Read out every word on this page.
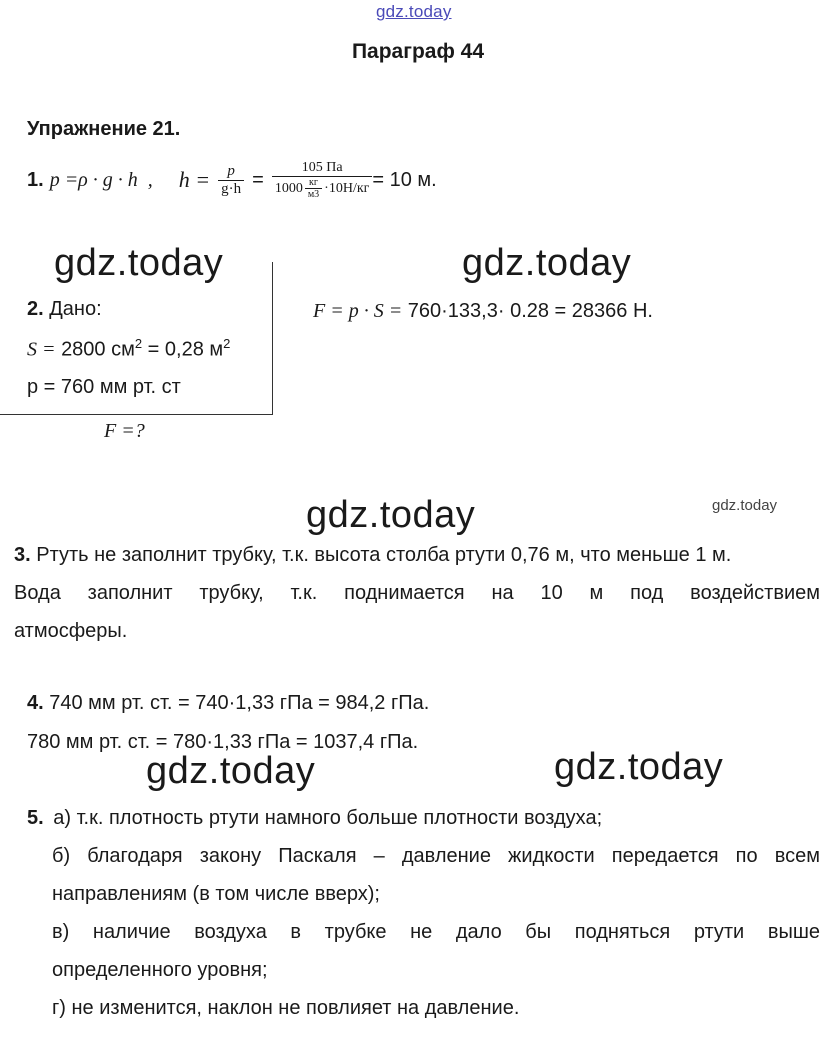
gdz.today
gdz.today	gdz.today
gdz.today	gdz.today
gdz.today	gdz.today
Параграф 44
Упражнение 21.
1. p =ρ · g · h , $h = \frac{p}{g\cdot h} = \frac{105 Па}{1000 \frac{кг}{м3} \cdot 10Н/кг} = 10$ м.
2. Дано:
S = 2800 $см^2 = 0,28$ $м^2$
p = 760 мм рт. ст
F =?
F = p · S = 760·133,3· 0.28 = 28366 Н.
3. Ртуть не заполнит трубку, т.к. высота столба ртути 0,76 м, что меньше 1 м.
Вода заполнит трубку, т.к. поднимается на 10 м под воздействием
атмосферы.
4. 740 мм рт. ст. = 740·1,33 гПа = 984,2 гПа.
780 мм рт. ст. = 780·1,33 гПа = 1037,4 гПа.
5. а) т.к. плотность ртути намного больше плотности воздуха;
б) благодаря закону Паскаля – давление жидкости передается по всем
направлениям (в том числе вверх);
в) наличие воздуха в трубке не дало бы подняться ртути выше
определенного уровня;
г) не изменится, наклон не повлияет на давление.
